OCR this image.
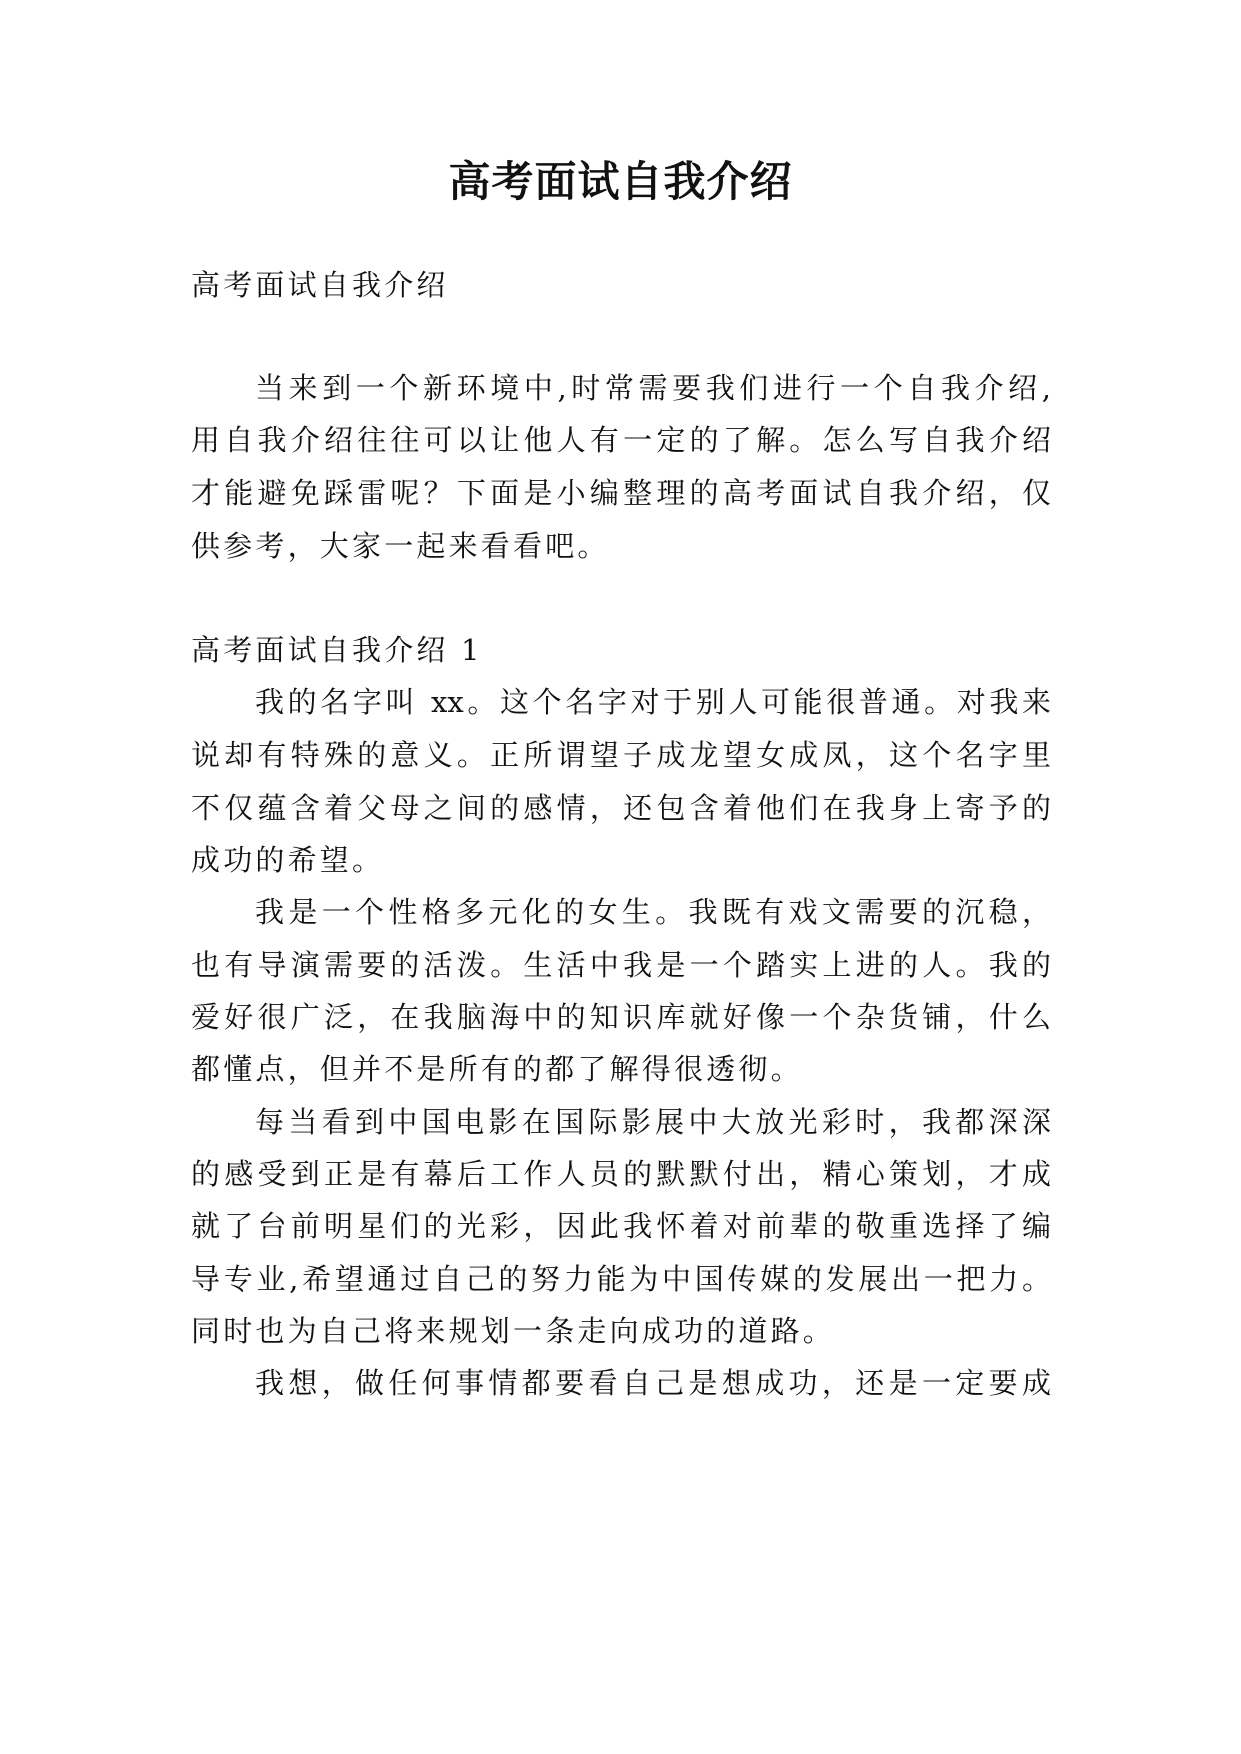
高考面试自我介绍
高考面试自我介绍
当来到一个新环境中,时常需要我们进行一个自我介绍,
用自我介绍往往可以让他人有一定的了解。怎么写自我介绍
才能避免踩雷呢？下面是小编整理的高考面试自我介绍，仅
供参考，大家一起来看看吧。
高考面试自我介绍 1
我的名字叫 xx。这个名字对于别人可能很普通。对我来
说却有特殊的意义。正所谓望子成龙望女成凤，这个名字里
不仅蕴含着父母之间的感情，还包含着他们在我身上寄予的
成功的希望。
我是一个性格多元化的女生。我既有戏文需要的沉稳，
也有导演需要的活泼。生活中我是一个踏实上进的人。我的
爱好很广泛，在我脑海中的知识库就好像一个杂货铺，什么
都懂点，但并不是所有的都了解得很透彻。
每当看到中国电影在国际影展中大放光彩时，我都深深
的感受到正是有幕后工作人员的默默付出，精心策划，才成
就了台前明星们的光彩，因此我怀着对前辈的敬重选择了编
导专业,希望通过自己的努力能为中国传媒的发展出一把力。
同时也为自己将来规划一条走向成功的道路。
我想，做任何事情都要看自己是想成功，还是一定要成
